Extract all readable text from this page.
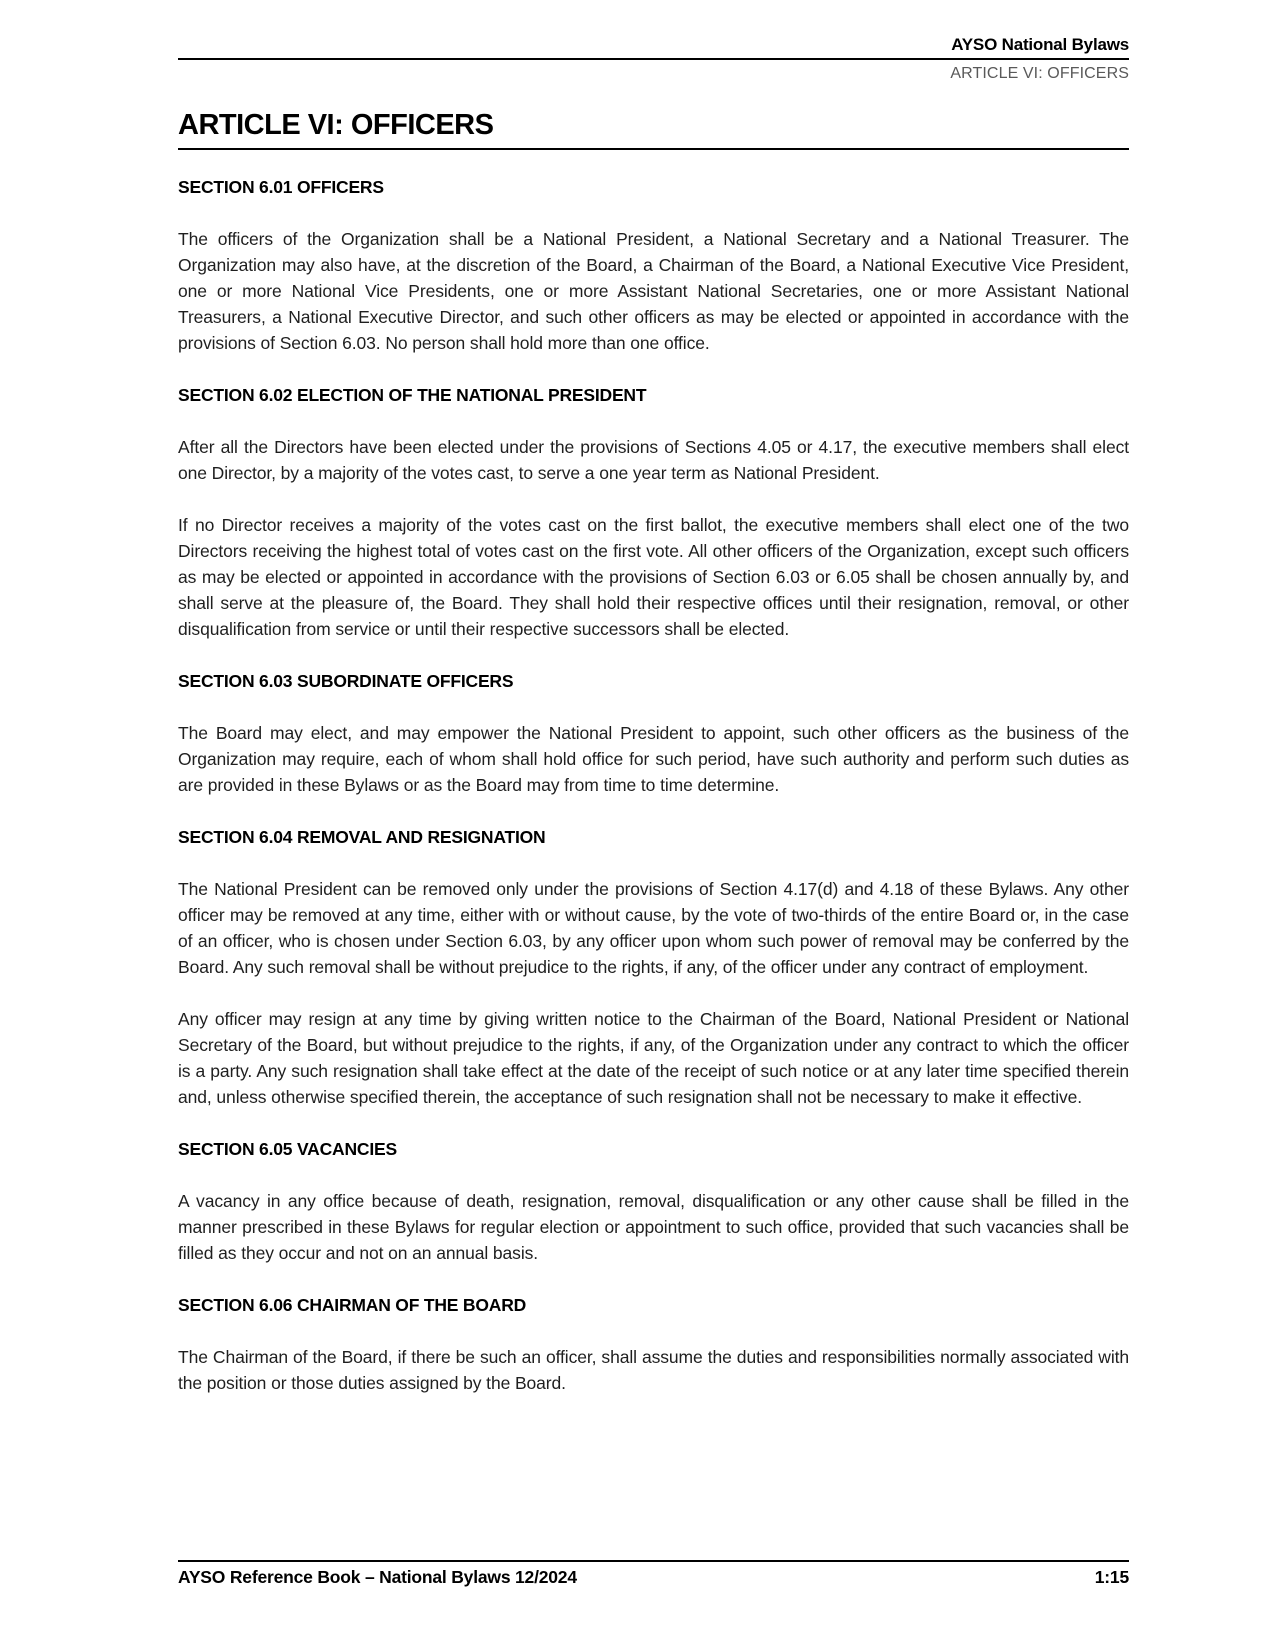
AYSO National Bylaws
ARTICLE VI: OFFICERS
ARTICLE VI: OFFICERS
SECTION 6.01 OFFICERS

The officers of the Organization shall be a National President, a National Secretary and a National Treasurer. The Organization may also have, at the discretion of the Board, a Chairman of the Board, a National Executive Vice President, one or more National Vice Presidents, one or more Assistant National Secretaries, one or more Assistant National Treasurers, a National Executive Director, and such other officers as may be elected or appointed in accordance with the provisions of Section 6.03. No person shall hold more than one office.

SECTION 6.02 ELECTION OF THE NATIONAL PRESIDENT

After all the Directors have been elected under the provisions of Sections 4.05 or 4.17, the executive members shall elect one Director, by a majority of the votes cast, to serve a one year term as National President.

If no Director receives a majority of the votes cast on the first ballot, the executive members shall elect one of the two Directors receiving the highest total of votes cast on the first vote. All other officers of the Organization, except such officers as may be elected or appointed in accordance with the provisions of Section 6.03 or 6.05 shall be chosen annually by, and shall serve at the pleasure of, the Board. They shall hold their respective offices until their resignation, removal, or other disqualification from service or until their respective successors shall be elected.

SECTION 6.03 SUBORDINATE OFFICERS

The Board may elect, and may empower the National President to appoint, such other officers as the business of the Organization may require, each of whom shall hold office for such period, have such authority and perform such duties as are provided in these Bylaws or as the Board may from time to time determine.

SECTION 6.04 REMOVAL AND RESIGNATION

The National President can be removed only under the provisions of Section 4.17(d) and 4.18 of these Bylaws. Any other officer may be removed at any time, either with or without cause, by the vote of two-thirds of the entire Board or, in the case of an officer, who is chosen under Section 6.03, by any officer upon whom such power of removal may be conferred by the Board. Any such removal shall be without prejudice to the rights, if any, of the officer under any contract of employment.

Any officer may resign at any time by giving written notice to the Chairman of the Board, National President or National Secretary of the Board, but without prejudice to the rights, if any, of the Organization under any contract to which the officer is a party. Any such resignation shall take effect at the date of the receipt of such notice or at any later time specified therein and, unless otherwise specified therein, the acceptance of such resignation shall not be necessary to make it effective.

SECTION 6.05 VACANCIES

A vacancy in any office because of death, resignation, removal, disqualification or any other cause shall be filled in the manner prescribed in these Bylaws for regular election or appointment to such office, provided that such vacancies shall be filled as they occur and not on an annual basis.

SECTION 6.06 CHAIRMAN OF THE BOARD

The Chairman of the Board, if there be such an officer, shall assume the duties and responsibilities normally associated with the position or those duties assigned by the Board.

AYSO Reference Book – National Bylaws 12/2024	1:15
